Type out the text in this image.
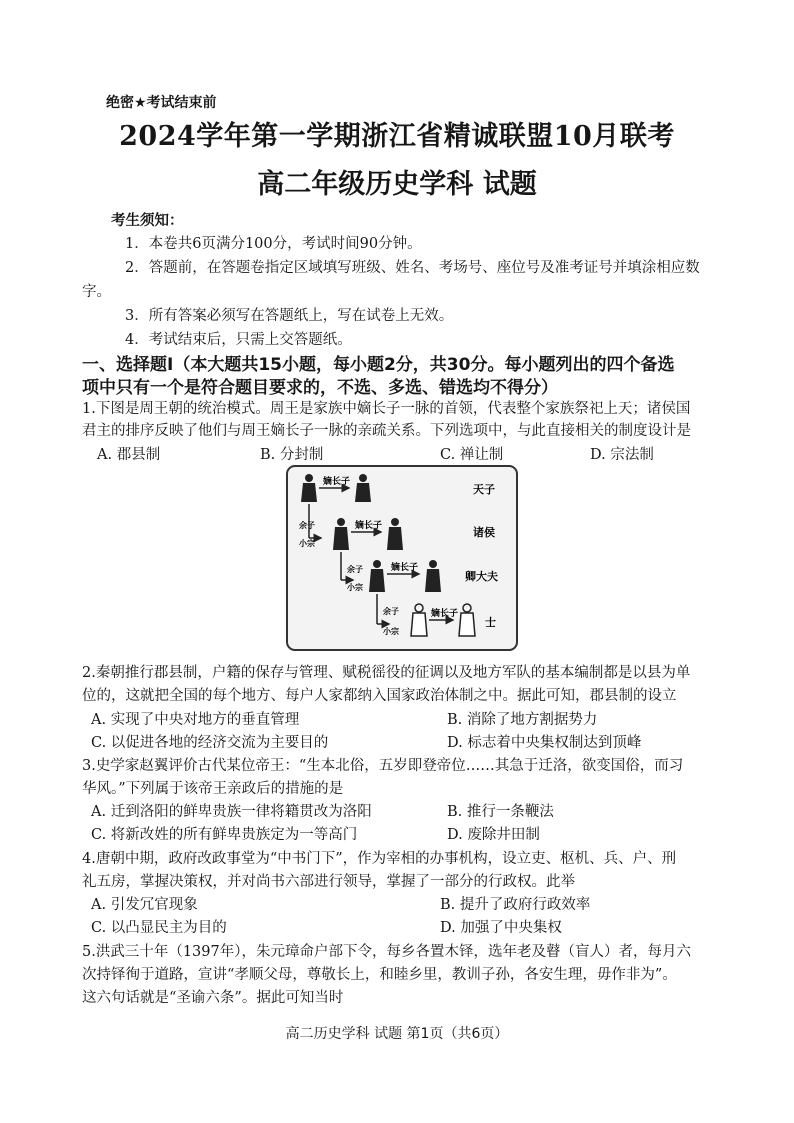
绝密★考试结束前
2024学年第一学期浙江省精诚联盟10月联考
高二年级历史学科 试题
考生须知：
1．本卷共6页满分100分，考试时间90分钟。
2．答题前，在答题卷指定区域填写班级、姓名、考场号、座位号及准考证号并填涂相应数
字。
3．所有答案必须写在答题纸上，写在试卷上无效。
4．考试结束后，只需上交答题纸。
一、选择题Ⅰ（本大题共15小题，每小题2分，共30分。每小题列出的四个备选
项中只有一个是符合题目要求的，不选、多选、错选均不得分）
1.下图是周王朝的统治模式。周王是家族中嫡长子一脉的首领，代表整个家族祭祀上天；诸侯国
君主的排序反映了他们与周王嫡长子一脉的亲疏关系。下列选项中，与此直接相关的制度设计是
A. 郡县制	B. 分封制	C. 禅让制	D. 宗法制
嫡长子
天子
余子
小宗
嫡长子	诸侯
余子
小宗
嫡长子
卿大夫
余子
小宗
嫡长子
士
2.秦朝推行郡县制，户籍的保存与管理、赋税徭役的征调以及地方军队的基本编制都是以县为单
位的，这就把全国的每个地方、每户人家都纳入国家政治体制之中。据此可知，郡县制的设立
A. 实现了中央对地方的垂直管理	B. 消除了地方割据势力
C. 以促进各地的经济交流为主要目的	D. 标志着中央集权制达到顶峰
3.史学家赵翼评价古代某位帝王：“生本北俗，五岁即登帝位……其急于迁洛，欲变国俗，而习
华风。”下列属于该帝王亲政后的措施的是
A. 迁到洛阳的鲜卑贵族一律将籍贯改为洛阳	B. 推行一条鞭法
C. 将新改姓的所有鲜卑贵族定为一等高门	D. 废除井田制
4.唐朝中期，政府改政事堂为“中书门下”，作为宰相的办事机构，设立吏、枢机、兵、户、刑
礼五房，掌握决策权，并对尚书六部进行领导，掌握了一部分的行政权。此举
A. 引发冗官现象	B. 提升了政府行政效率
C. 以凸显民主为目的	D. 加强了中央集权
5.洪武三十年（1397年），朱元璋命户部下令，每乡各置木铎，选年老及瞽（盲人）者，每月六
次持铎徇于道路，宣讲“孝顺父母，尊敬长上，和睦乡里，教训子孙，各安生理，毋作非为”。
这六句话就是“圣谕六条”。据此可知当时
高二历史学科 试题 第1页（共6页）
